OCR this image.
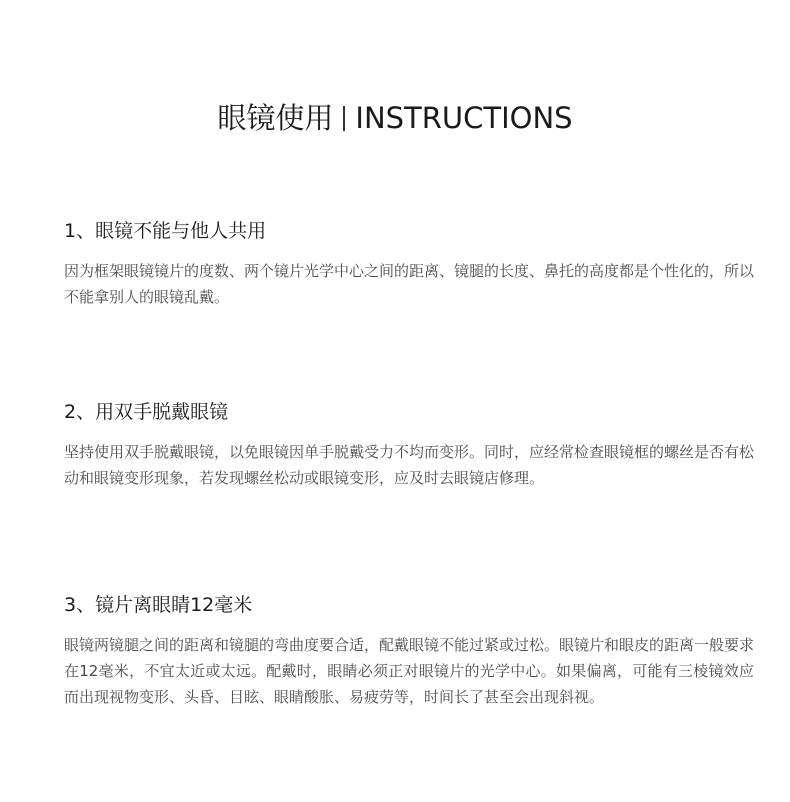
眼镜使用 INSTRUCTIONS
1、眼镜不能与他人共用

因为框架眼镜镜片的度数、两个镜片光学中心之间的距离、镜腿的长度、鼻托的高度都是个性化的，所以不能拿别人的眼镜乱戴。

2、用双手脱戴眼镜

坚持使用双手脱戴眼镜，以免眼镜因单手脱戴受力不均而变形。同时，应经常检查眼镜框的螺丝是否有松动和眼镜变形现象，若发现螺丝松动或眼镜变形，应及时去眼镜店修理。

3、镜片离眼睛12毫米

眼镜两镜腿之间的距离和镜腿的弯曲度要合适，配戴眼镜不能过紧或过松。眼镜片和眼皮的距离一般要求在12毫米，不宜太近或太远。配戴时，眼睛必须正对眼镜片的光学中心。如果偏离，可能有三棱镜效应而出现视物变形、头昏、目眩、眼睛酸胀、易疲劳等，时间长了甚至会出现斜视。
